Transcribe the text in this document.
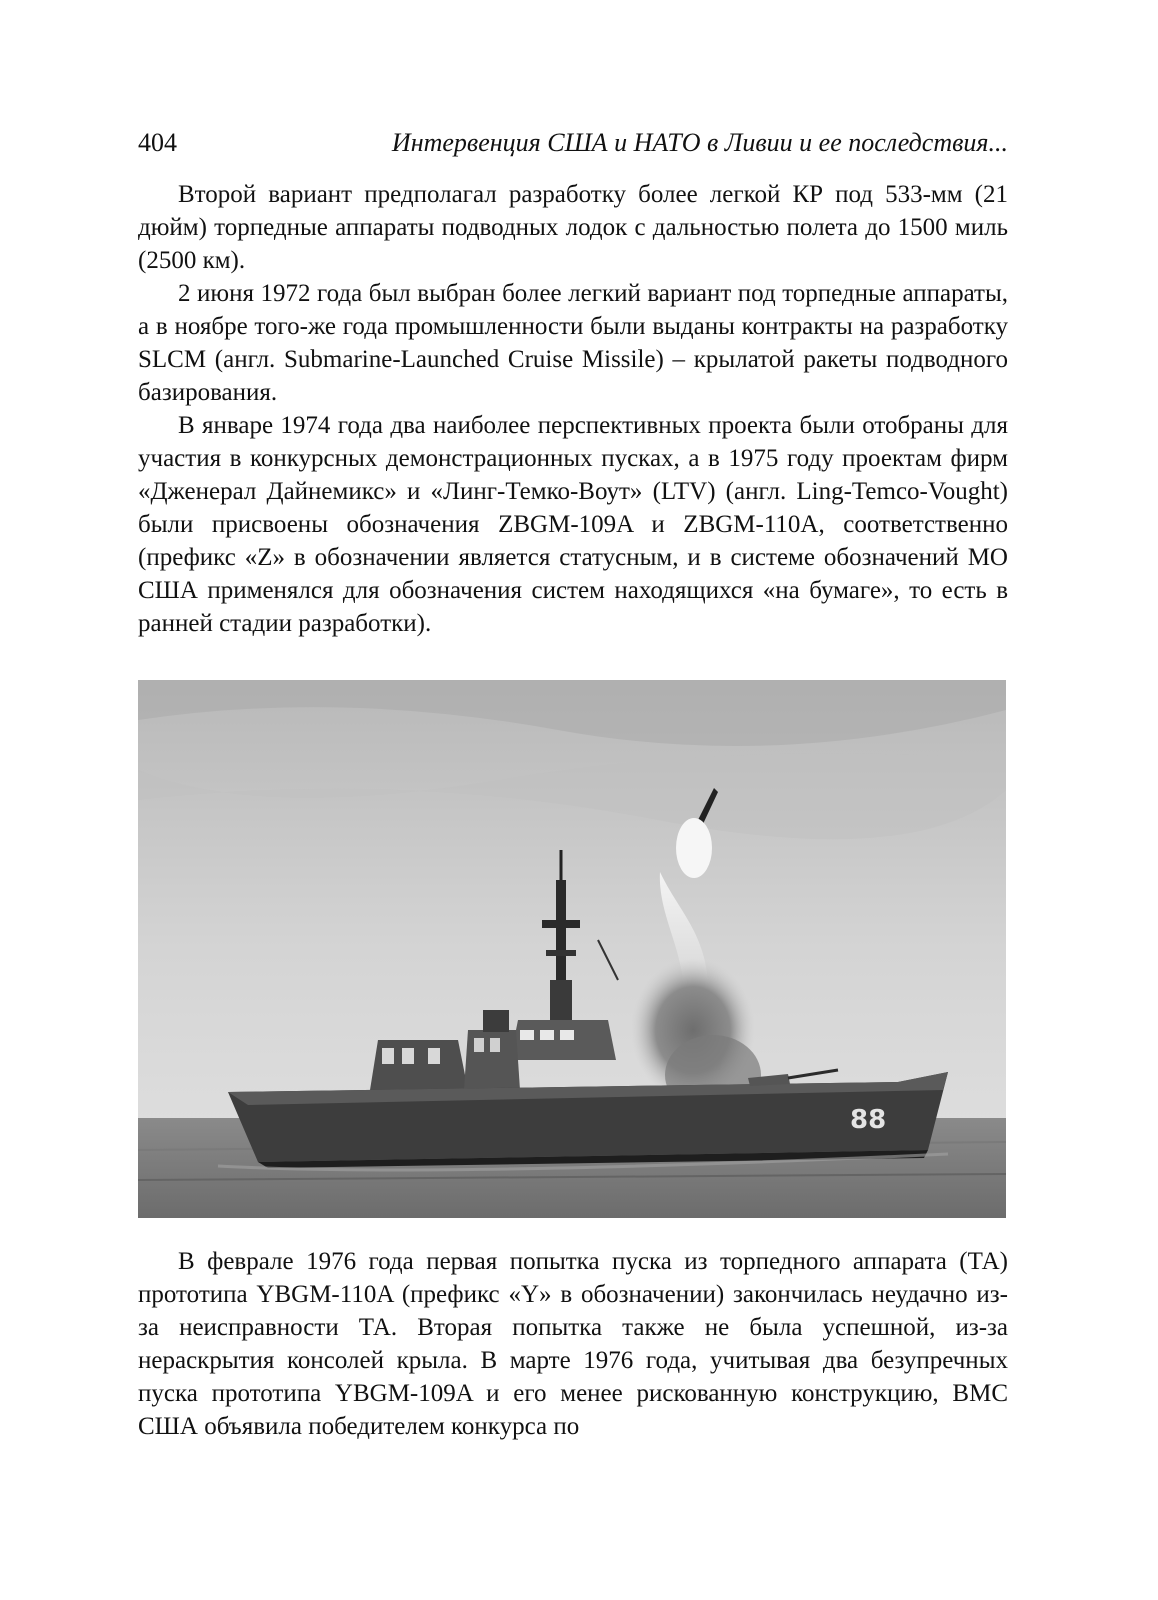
404	Интервенция США и НАТО в Ливии и ее последствия...

Второй вариант предполагал разработку более легкой КР под 533-мм (21 дюйм) торпедные аппараты подводных лодок с дальностью полета до 1500 миль (2500 км).

2 июня 1972 года был выбран более легкий вариант под торпедные аппараты, а в ноябре того-же года промышленности были выданы контракты на разработку SLCM (англ. Submarine-Launched Cruise Missile) – крылатой ракеты подводного базирования.

В январе 1974 года два наиболее перспективных проекта были отобраны для участия в конкурсных демонстрационных пусках, а в 1975 году проектам фирм «Дженерал Дайнемикс» и «Линг-Темко-Воут» (LTV) (англ. Ling-Temco-Vought) были присвоены обозначения ZBGM-109A и ZBGM-110A, соответственно (префикс «Z» в обозначении является статусным, и в системе обозначений МО США применялся для обозначения систем находящихся «на бумаге», то есть в ранней стадии разработки).

88

В феврале 1976 года первая попытка пуска из торпедного аппарата (ТА) прототипа YBGM-110A (префикс «Y» в обозначении) закончилась неудачно из-за неисправности ТА. Вторая попытка также не была успешной, из-за нераскрытия консолей крыла. В марте 1976 года, учитывая два безупречных пуска прототипа YBGM-109A и его менее рискованную конструкцию, ВМС США объявила победителем конкурса по
